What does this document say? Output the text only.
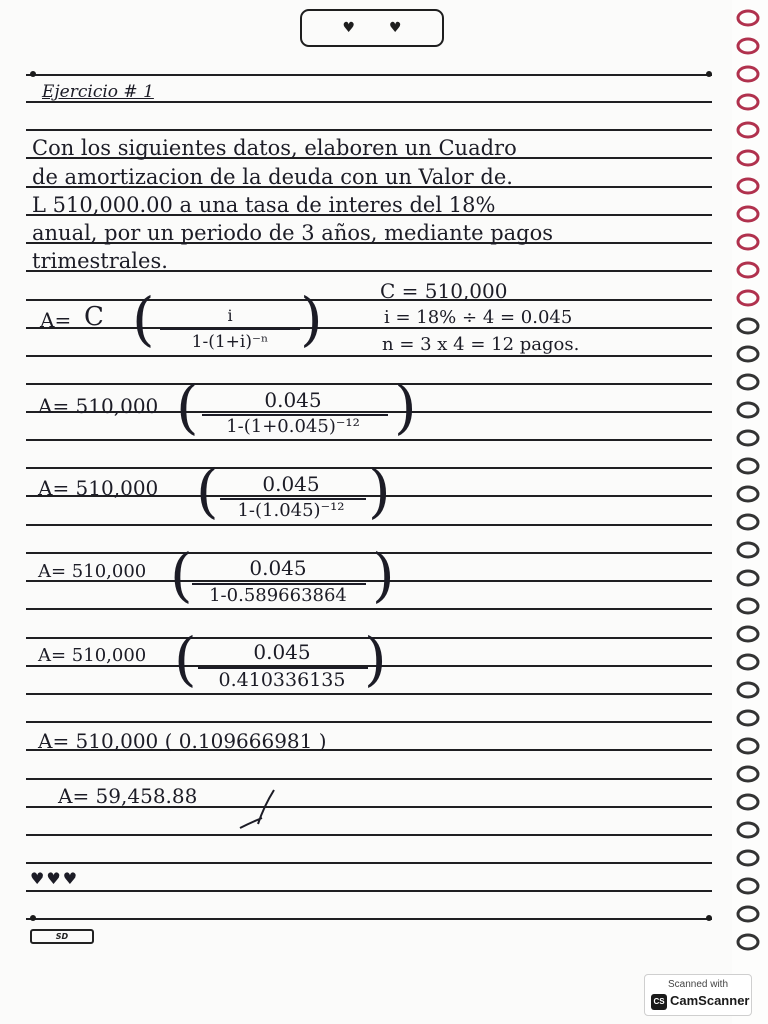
♥ ♥
Ejercicio # 1
Con los siguientes datos, elaboren un Cuadro
de amortizacion de la deuda con un Valor de.
L 510,000.00 a una tasa de interes del 18%
anual, por un periodo de 3 años, mediante pagos
trimestrales.
A= C (	i
1-(1+i)⁻ⁿ )	C = 510,000
i = 18% ÷ 4 = 0.045
n = 3 x 4 = 12 pagos.
A= 510,000 (	0.045
1-(1+0.045)⁻¹² )
A= 510,000 (	0.045
1-(1.045)⁻¹² )
A= 510,000 (	0.045
1-0.589663864 )
A= 510,000 (	0.045
0.410336135 )
A= 510,000 ( 0.109666981 )
A= 59,458.88
♥♥♥
SD
Scanned with
CS CamScanner
